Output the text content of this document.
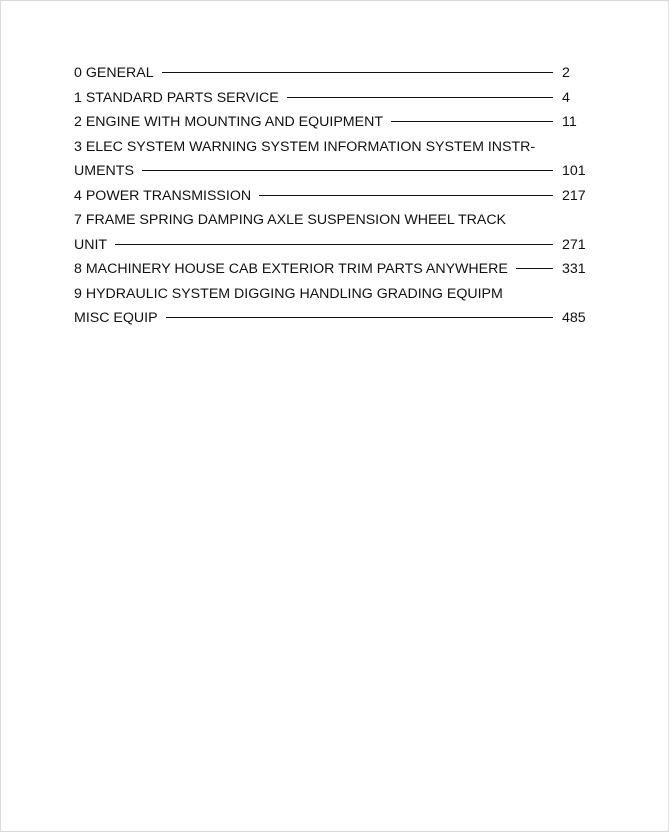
0 GENERAL	2
1 STANDARD PARTS SERVICE	4
2 ENGINE WITH MOUNTING AND EQUIPMENT	11
3 ELEC SYSTEM WARNING SYSTEM INFORMATION SYSTEM INSTR-
UMENTS	101
4 POWER TRANSMISSION	217
7 FRAME SPRING DAMPING AXLE SUSPENSION WHEEL TRACK
UNIT	271
8 MACHINERY HOUSE CAB EXTERIOR TRIM PARTS ANYWHERE	331
9 HYDRAULIC SYSTEM DIGGING HANDLING GRADING EQUIPM
MISC EQUIP	485
